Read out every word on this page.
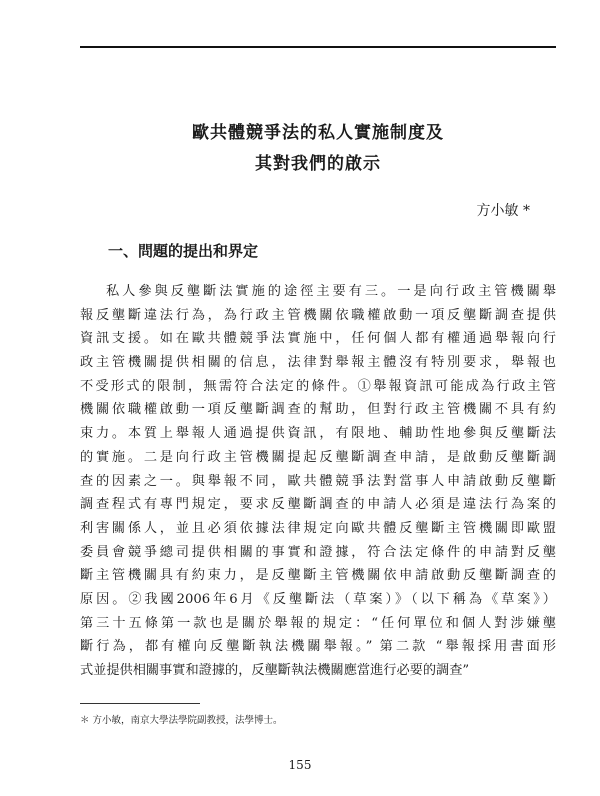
歐共體競爭法的私人實施制度及
其對我們的啟示

方小敏 *

一、問題的提出和界定
私人參與反壟斷法實施的途徑主要有三。一是向行政主管機關舉
報反壟斷違法行為，為行政主管機關依職權啟動一項反壟斷調查提供
資訊支援。如在歐共體競爭法實施中，任何個人都有權通過舉報向行
政主管機關提供相關的信息，法律對舉報主體沒有特別要求，舉報也
不受形式的限制，無需符合法定的條件。①舉報資訊可能成為行政主管
機關依職權啟動一項反壟斷調查的幫助，但對行政主管機關不具有約
束力。本質上舉報人通過提供資訊，有限地、輔助性地參與反壟斷法
的實施。二是向行政主管機關提起反壟斷調查申請，是啟動反壟斷調
查的因素之一。與舉報不同，歐共體競爭法對當事人申請啟動反壟斷
調查程式有專門規定，要求反壟斷調查的申請人必須是違法行為案的
利害關係人，並且必須依據法律規定向歐共體反壟斷主管機關即歐盟
委員會競爭總司提供相關的事實和證據，符合法定條件的申請對反壟
斷主管機關具有約束力，是反壟斷主管機關依申請啟動反壟斷調查的
原因。②我國2006年6月《反壟斷法（草案）》（以下稱為《草案》）
第三十五條第一款也是關於舉報的規定：“任何單位和個人對涉嫌壟
斷行為，都有權向反壟斷執法機關舉報。” 第二款 “舉報採用書面形
式並提供相關事實和證據的，反壟斷執法機關應當進行必要的調查”

＊ 方小敏，南京大學法學院副教授，法學博士。

155
